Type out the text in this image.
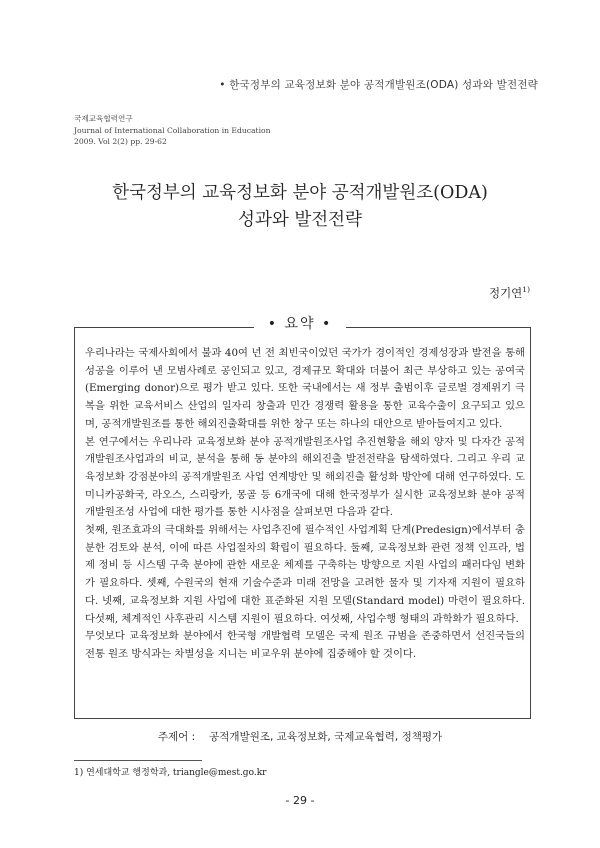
• 한국정부의 교육정보화 분야 공적개발원조(ODA) 성과와 발전전략
국제교육협력연구
Journal of International Collaboration in Education
2009. Vol 2(2) pp. 29-62
한국정부의 교육정보화 분야 공적개발원조(ODA)
성과와 발전전략
정기연$^{1)}$
• 요약 •

우리나라는 국제사회에서 불과 40여 년 전 최빈국이었던 국가가 경이적인 경제성장과 발전을 통해 성공을 이루어 낸 모범사례로 공인되고 있고, 경제규모 확대와 더불어 최근 부상하고 있는 공여국(Emerging donor)으로 평가 받고 있다. 또한 국내에서는 새 정부 출범이후 글로벌 경제위기 극복을 위한 교육서비스 산업의 일자리 창출과 민간 경쟁력 활용을 통한 교육수출이 요구되고 있으며, 공적개발원조를 통한 해외진출확대를 위한 창구 또는 하나의 대안으로 받아들여지고 있다.

본 연구에서는 우리나라 교육정보화 분야 공적개발원조사업 추진현황을 해외 양자 및 다자간 공적개발원조사업과의 비교, 분석을 통해 동 분야의 해외진출 발전전략을 탐색하였다. 그리고 우리 교육정보화 강점분야의 공적개발원조 사업 연계방안 및 해외진출 활성화 방안에 대해 연구하였다. 도미니카공화국, 라오스, 스리랑카, 몽골 등 6개국에 대해 한국정부가 실시한 교육정보화 분야 공적개발원조성 사업에 대한 평가를 통한 시사점을 살펴보면 다음과 같다.

첫째, 원조효과의 극대화를 위해서는 사업추진에 필수적인 사업계획 단계(Predesign)에서부터 충분한 검토와 분석, 이에 따른 사업절차의 확립이 필요하다. 둘째, 교육정보화 관련 정책 인프라, 법제 정비 등 시스템 구축 분야에 관한 새로운 체제를 구축하는 방향으로 지원 사업의 패러다임 변화가 필요하다. 셋째, 수원국의 현재 기술수준과 미래 전망을 고려한 물자 및 기자재 지원이 필요하다. 넷째, 교육정보화 지원 사업에 대한 표준화된 지원 모델(Standard model) 마련이 필요하다. 다섯째, 체계적인 사후관리 시스템 지원이 필요하다. 여섯째, 사업수행 형태의 과학화가 필요하다.

무엇보다 교육정보화 분야에서 한국형 개발협력 모델은 국제 원조 규범을 존중하면서 선진국들의 전통 원조 방식과는 차별성을 지니는 비교우위 분야에 집중해야 할 것이다.

주제어 : 공적개발원조, 교육정보화, 국제교육협력, 정책평가
1) 연세대학교 행정학과, triangle@mest.go.kr
- 29 -
